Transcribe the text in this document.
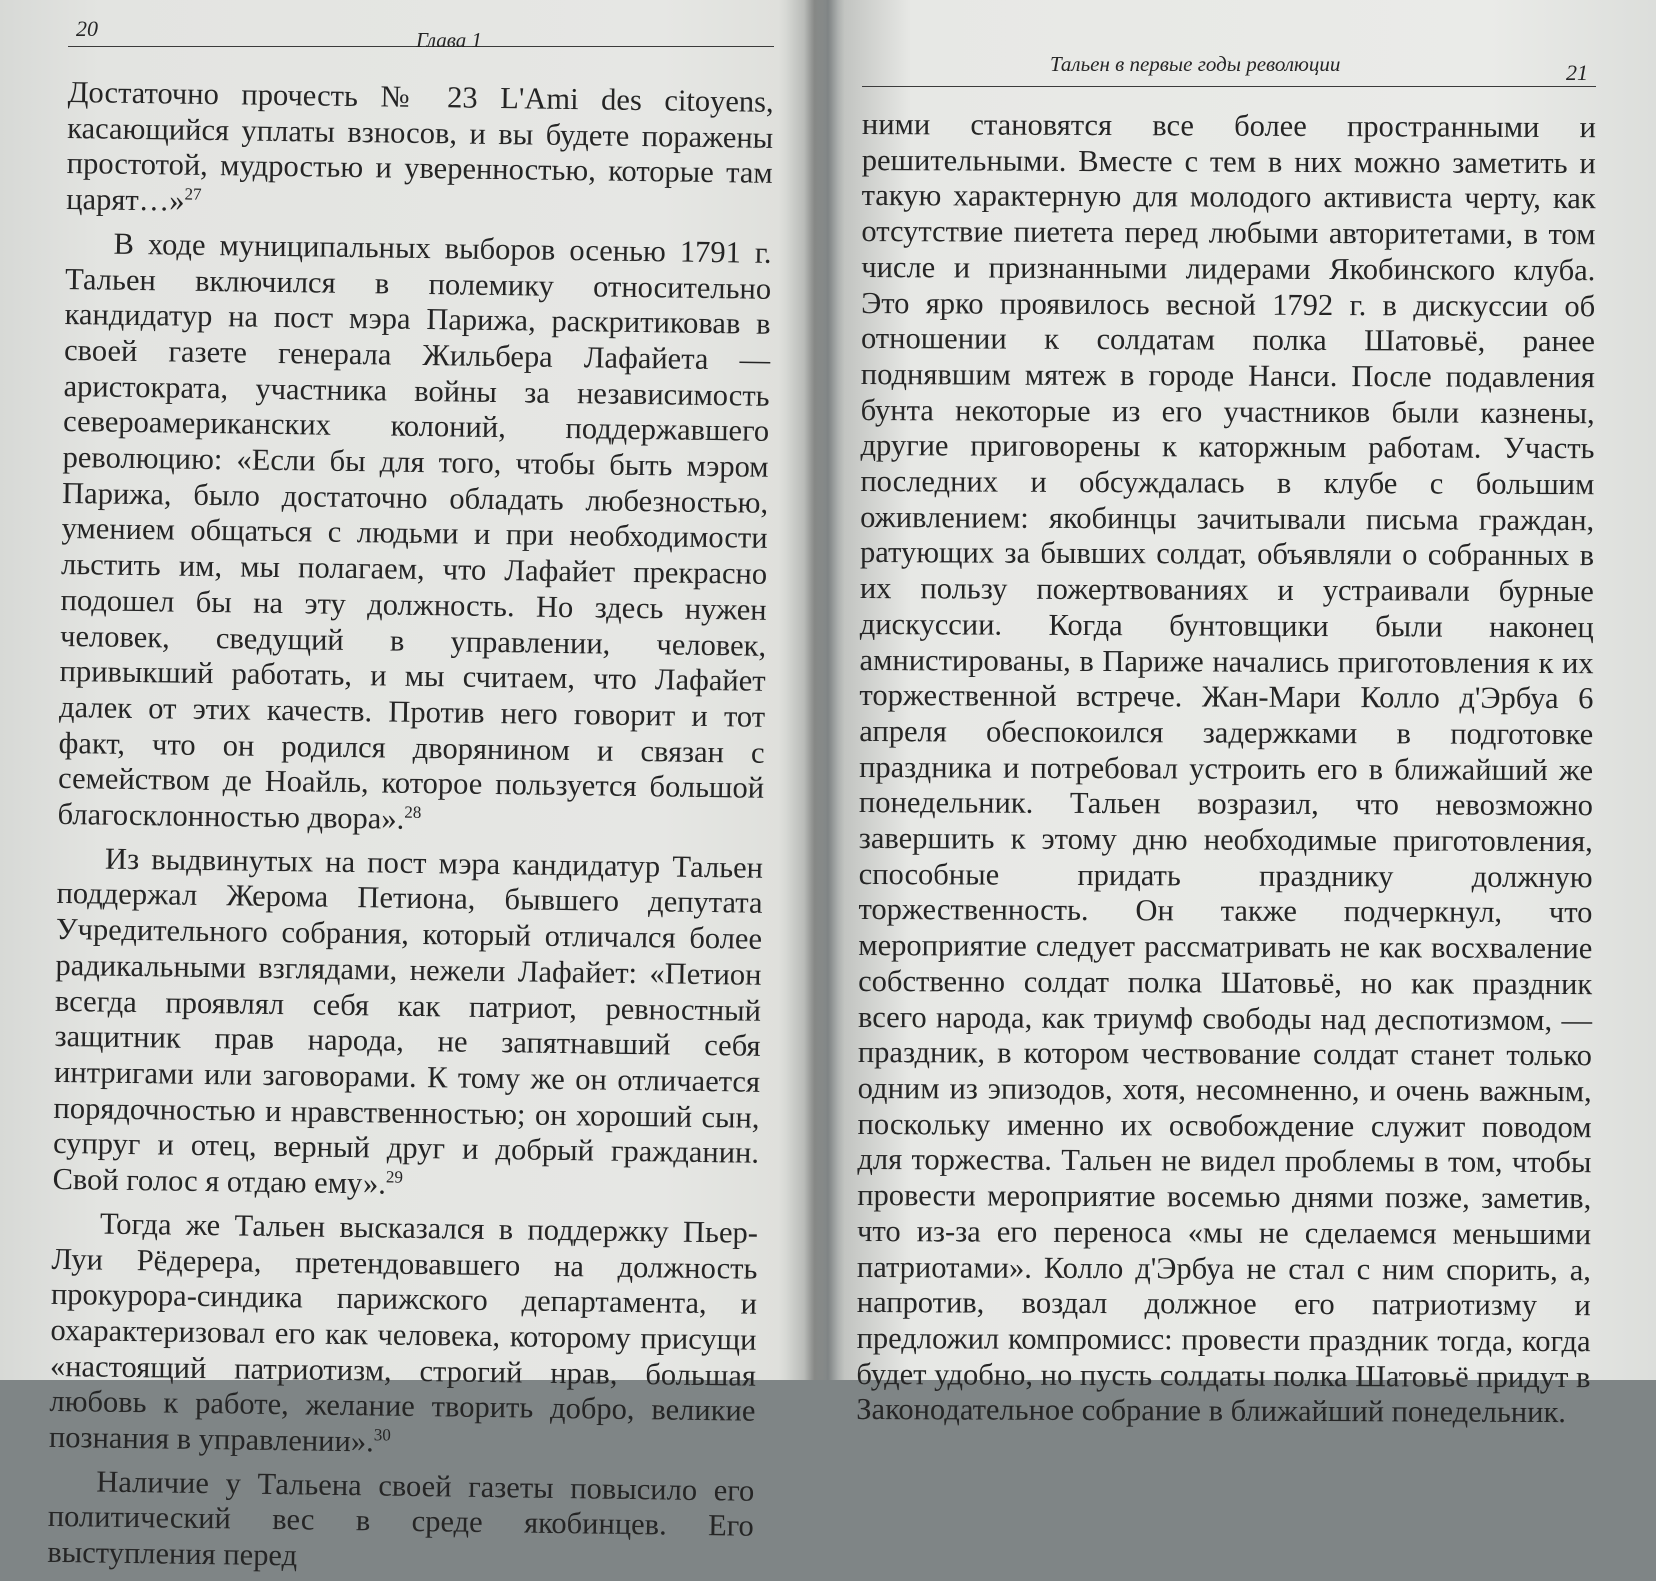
20	Глава 1

Достаточно прочесть № 23 L'Ami des citoyens, касающийся уплаты взносов, и вы будете поражены простотой, мудростью и уверенностью, которые там царят…»$^{27}$

В ходе муниципальных выборов осенью 1791 г. Тальен включился в полемику относительно кандидатур на пост мэра Парижа, раскритиковав в своей газете генерала Жильбера Лафайета — аристократа, участника войны за независимость североамериканских колоний, поддержавшего революцию: «Если бы для того, чтобы быть мэром Парижа, было достаточно обладать любезностью, умением общаться с людьми и при необходимости льстить им, мы полагаем, что Лафайет прекрасно подошел бы на эту должность. Но здесь нужен человек, сведущий в управлении, человек, привыкший работать, и мы считаем, что Лафайет далек от этих качеств. Против него говорит и тот факт, что он родился дворянином и связан с семейством де Ноайль, которое пользуется большой благосклонностью двора».$^{28}$

Из выдвинутых на пост мэра кандидатур Тальен поддержал Жерома Петиона, бывшего депутата Учредительного собрания, который отличался более радикальными взглядами, нежели Лафайет: «Петион всегда проявлял себя как патриот, ревностный защитник прав народа, не запятнавший себя интригами или заговорами. К тому же он отличается порядочностью и нравственностью; он хороший сын, супруг и отец, верный друг и добрый гражданин. Свой голос я отдаю ему».$^{29}$

Тогда же Тальен высказался в поддержку Пьер-Луи Рёдерера, претендовавшего на должность прокурора-синдика парижского департамента, и охарактеризовал его как человека, которому присущи «настоящий патриотизм, строгий нрав, большая любовь к работе, желание творить добро, великие познания в управлении».$^{30}$

Наличие у Тальена своей газеты повысило его политический вес в среде якобинцев. Его выступления перед

Тальен в первые годы революции	21

ними становятся все более пространными и решительными. Вместе с тем в них можно заметить и такую характерную для молодого активиста черту, как отсутствие пиетета перед любыми авторитетами, в том числе и признанными лидерами Якобинского клуба. Это ярко проявилось весной 1792 г. в дискуссии об отношении к солдатам полка Шатовьё, ранее поднявшим мятеж в городе Нанси. После подавления бунта некоторые из его участников были казнены, другие приговорены к каторжным работам. Участь последних и обсуждалась в клубе с большим оживлением: якобинцы зачитывали письма граждан, ратующих за бывших солдат, объявляли о собранных в их пользу пожертвованиях и устраивали бурные дискуссии. Когда бунтовщики были наконец амнистированы, в Париже начались приготовления к их торжественной встрече. Жан-Мари Колло д'Эрбуа 6 апреля обеспокоился задержками в подготовке праздника и потребовал устроить его в ближайший же понедельник. Тальен возразил, что невозможно завершить к этому дню необходимые приготовления, способные придать празднику должную торжественность. Он также подчеркнул, что мероприятие следует рассматривать не как восхваление собственно солдат полка Шатовьё, но как праздник всего народа, как триумф свободы над деспотизмом, — праздник, в котором чествование солдат станет только одним из эпизодов, хотя, несомненно, и очень важным, поскольку именно их освобождение служит поводом для торжества. Тальен не видел проблемы в том, чтобы провести мероприятие восемью днями позже, заметив, что из-за его переноса «мы не сделаемся меньшими патриотами». Колло д'Эрбуа не стал с ним спорить, а, напротив, воздал должное его патриотизму и предложил компромисс: провести праздник тогда, когда будет удобно, но пусть солдаты полка Шатовьё придут в Законодательное собрание в ближайший понедельник.
